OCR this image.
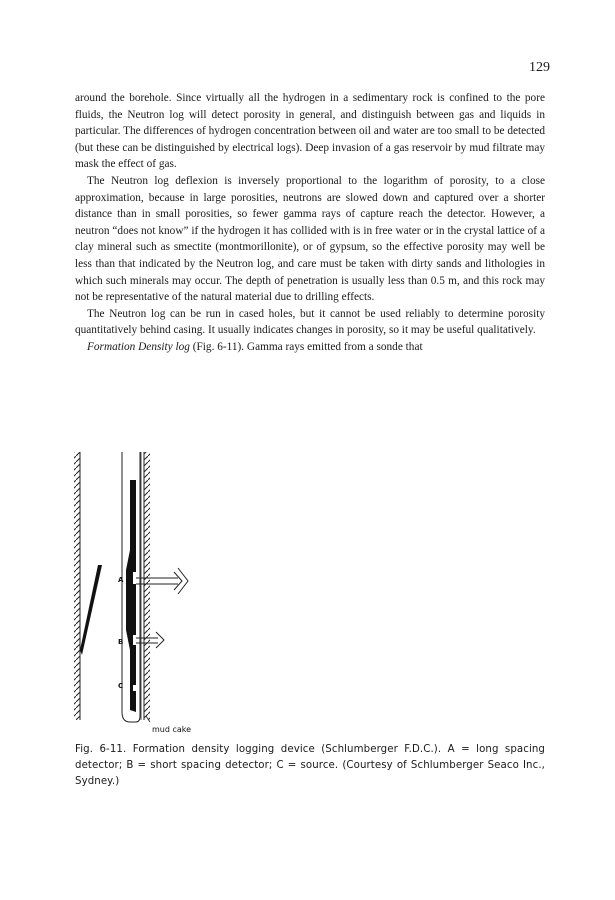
129

around the borehole. Since virtually all the hydrogen in a sedimentary rock is confined to the pore fluids, the Neutron log will detect porosity in general, and distinguish between gas and liquids in particular. The differences of hydrogen concentration between oil and water are too small to be detected (but these can be distinguished by electrical logs). Deep invasion of a gas reservoir by mud filtrate may mask the effect of gas.

The Neutron log deflexion is inversely proportional to the logarithm of porosity, to a close approximation, because in large porosities, neutrons are slowed down and captured over a shorter distance than in small porosities, so fewer gamma rays of capture reach the detector. However, a neutron “does not know” if the hydrogen it has collided with is in free water or in the crystal lattice of a clay mineral such as smectite (montmorillonite), or of gypsum, so the effective porosity may well be less than that indicated by the Neutron log, and care must be taken with dirty sands and lithologies in which such minerals may occur. The depth of penetration is usually less than 0.5 m, and this rock may not be representative of the natural material due to drilling effects.

The Neutron log can be run in cased holes, but it cannot be used reliably to determine porosity quantitatively behind casing. It usually indicates changes in porosity, so it may be useful qualitatively.

Formation Density log (Fig. 6-11). Gamma rays emitted from a sonde that

A
B
C
mud cake
Fig. 6-11. Formation density logging device (Schlumberger F.D.C.). A = long spacing detector; B = short spacing detector; C = source. (Courtesy of Schlumberger Seaco Inc., Sydney.)
